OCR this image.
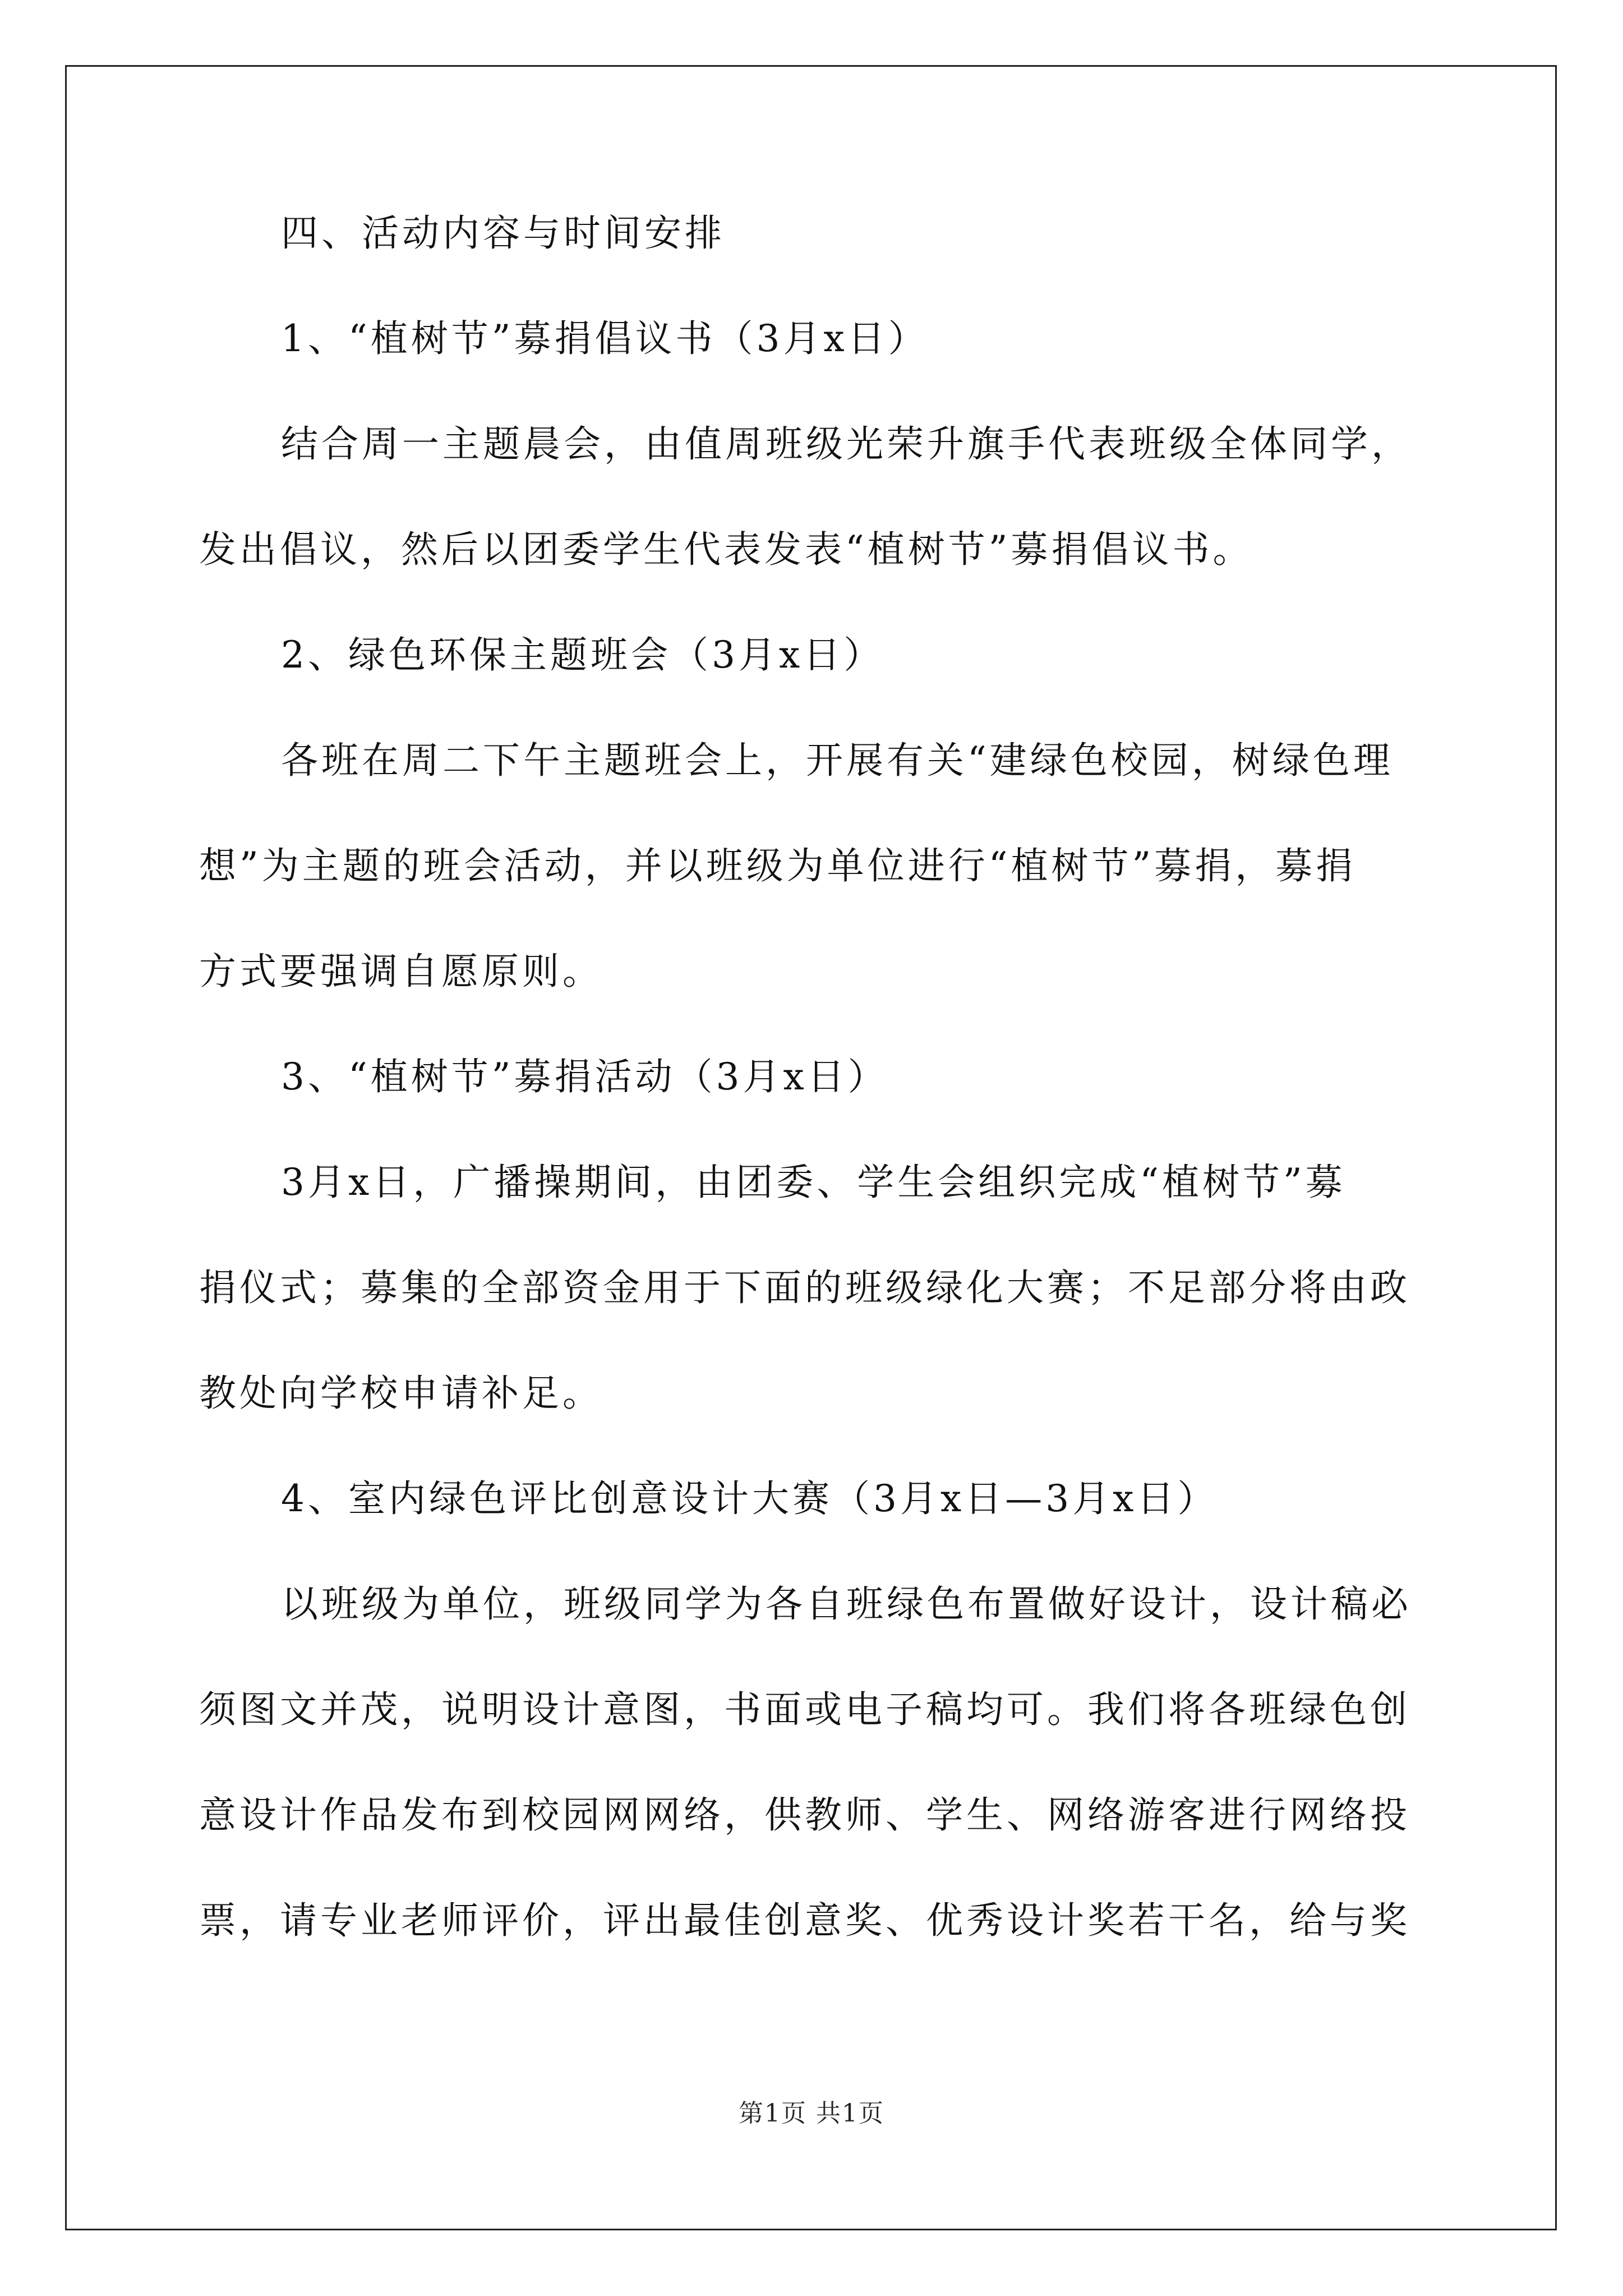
四、活动内容与时间安排
1、“植树节”募捐倡议书（3月x日）
结合周一主题晨会，由值周班级光荣升旗手代表班级全体同学，
发出倡议，然后以团委学生代表发表“植树节”募捐倡议书。
2、绿色环保主题班会（3月x日）
各班在周二下午主题班会上，开展有关“建绿色校园，树绿色理
想”为主题的班会活动，并以班级为单位进行“植树节”募捐，募捐
方式要强调自愿原则。
3、“植树节”募捐活动（3月x日）
3月x日，广播操期间，由团委、学生会组织完成“植树节”募
捐仪式；募集的全部资金用于下面的班级绿化大赛；不足部分将由政
教处向学校申请补足。
4、室内绿色评比创意设计大赛（3月x日—3月x日）
以班级为单位，班级同学为各自班绿色布置做好设计，设计稿必
须图文并茂，说明设计意图，书面或电子稿均可。我们将各班绿色创
意设计作品发布到校园网网络，供教师、学生、网络游客进行网络投
票，请专业老师评价，评出最佳创意奖、优秀设计奖若干名，给与奖
第1页 共1页
